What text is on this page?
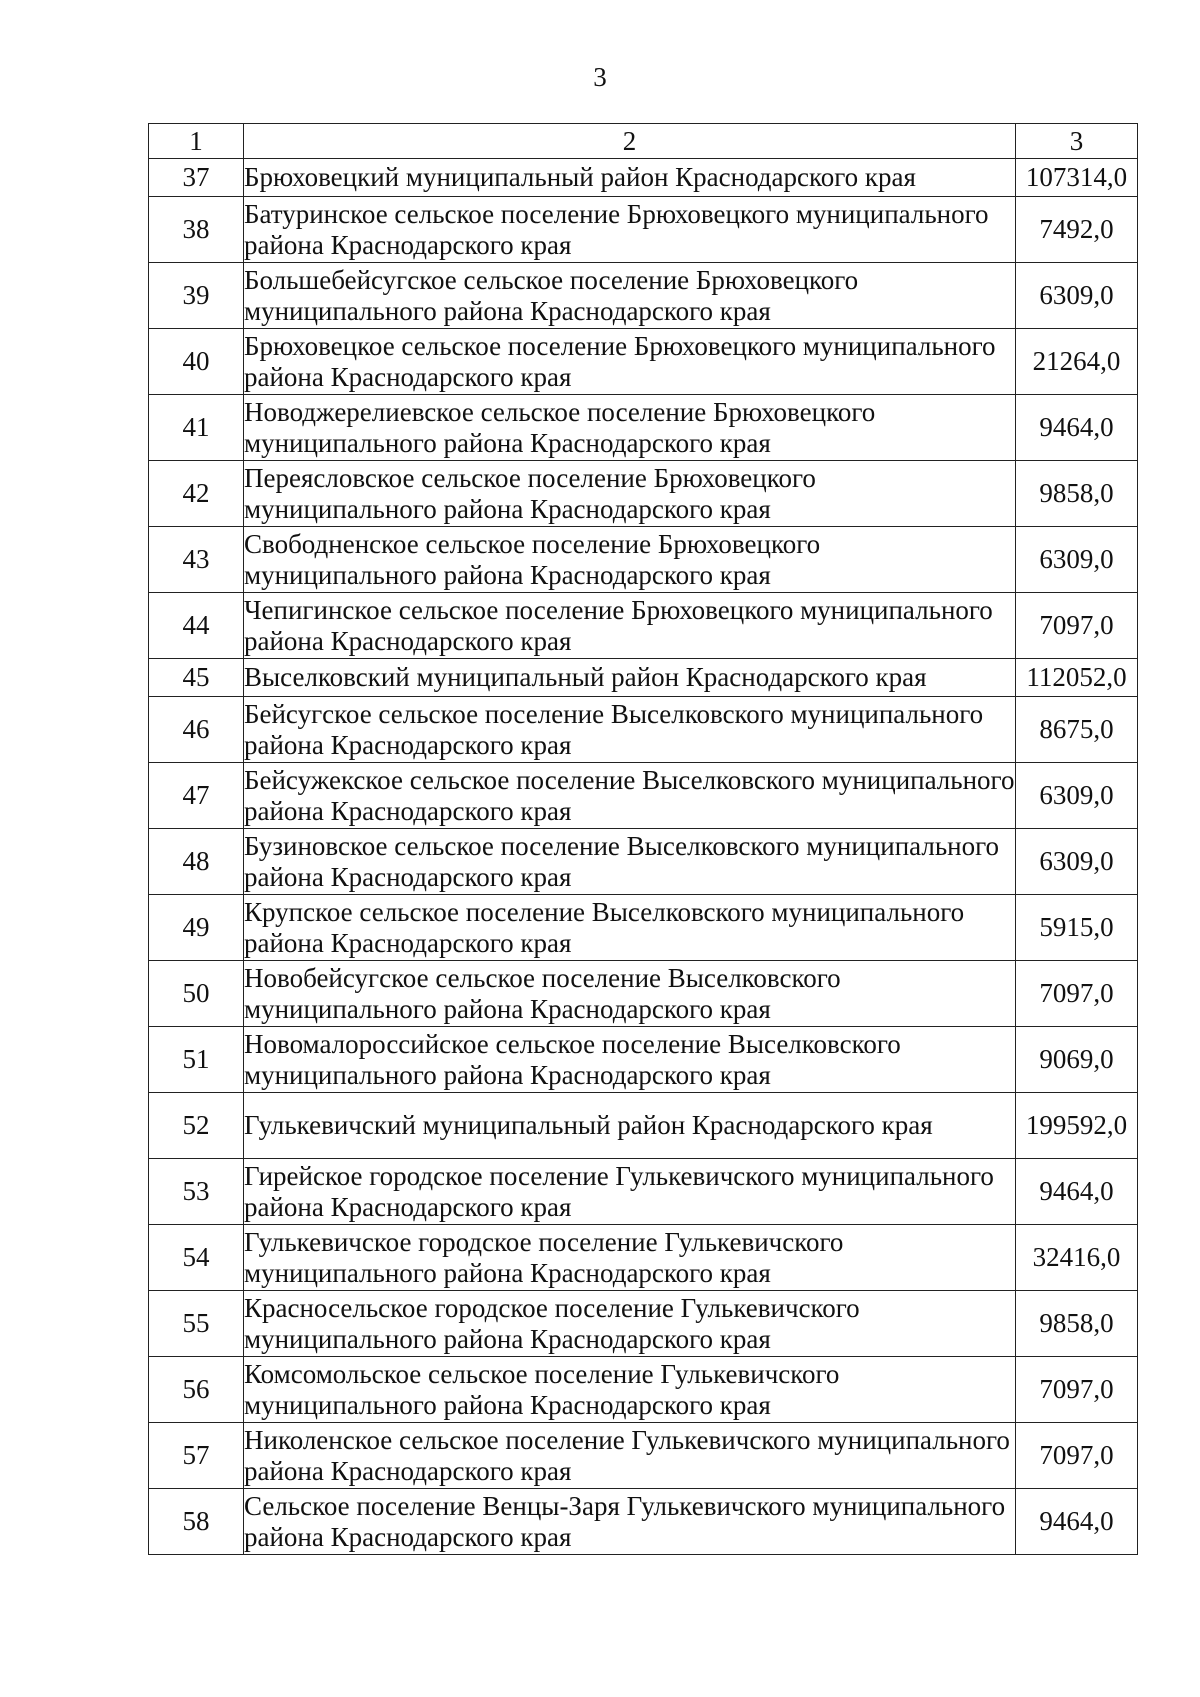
3
1	2	3
37	Брюховецкий муниципальный район Краснодарского края	107314,0
38	Батуринское сельское поселение Брюховецкого муниципального района Краснодарского края	7492,0
39	Большебейсугское сельское поселение Брюховецкого муниципального района Краснодарского края	6309,0
40	Брюховецкое сельское поселение Брюховецкого муниципального района Краснодарского края	21264,0
41	Новоджерелиевское сельское поселение Брюховецкого муниципального района Краснодарского края	9464,0
42	Переясловское сельское поселение Брюховецкого муниципального района Краснодарского края	9858,0
43	Свободненское сельское поселение Брюховецкого муниципального района Краснодарского края	6309,0
44	Чепигинское сельское поселение Брюховецкого муниципального района Краснодарского края	7097,0
45	Выселковский муниципальный район Краснодарского края	112052,0
46	Бейсугское сельское поселение Выселковского муниципального района Краснодарского края	8675,0
47	Бейсужекское сельское поселение Выселковского муниципального района Краснодарского края	6309,0
48	Бузиновское сельское поселение Выселковского муниципального района Краснодарского края	6309,0
49	Крупское сельское поселение Выселковского муниципального района Краснодарского края	5915,0
50	Новобейсугское сельское поселение Выселковского муниципального района Краснодарского края	7097,0
51	Новомалороссийское сельское поселение Выселковского муниципального района Краснодарского края	9069,0
52	Гулькевичский муниципальный район Краснодарского края	199592,0
53	Гирейское городское поселение Гулькевичского муниципального района Краснодарского края	9464,0
54	Гулькевичское городское поселение Гулькевичского муниципального района Краснодарского края	32416,0
55	Красносельское городское поселение Гулькевичского муниципального района Краснодарского края	9858,0
56	Комсомольское сельское поселение Гулькевичского муниципального района Краснодарского края	7097,0
57	Николенское сельское поселение Гулькевичского муниципального района Краснодарского края	7097,0
58	Сельское поселение Венцы-Заря Гулькевичского муниципального района Краснодарского края	9464,0
